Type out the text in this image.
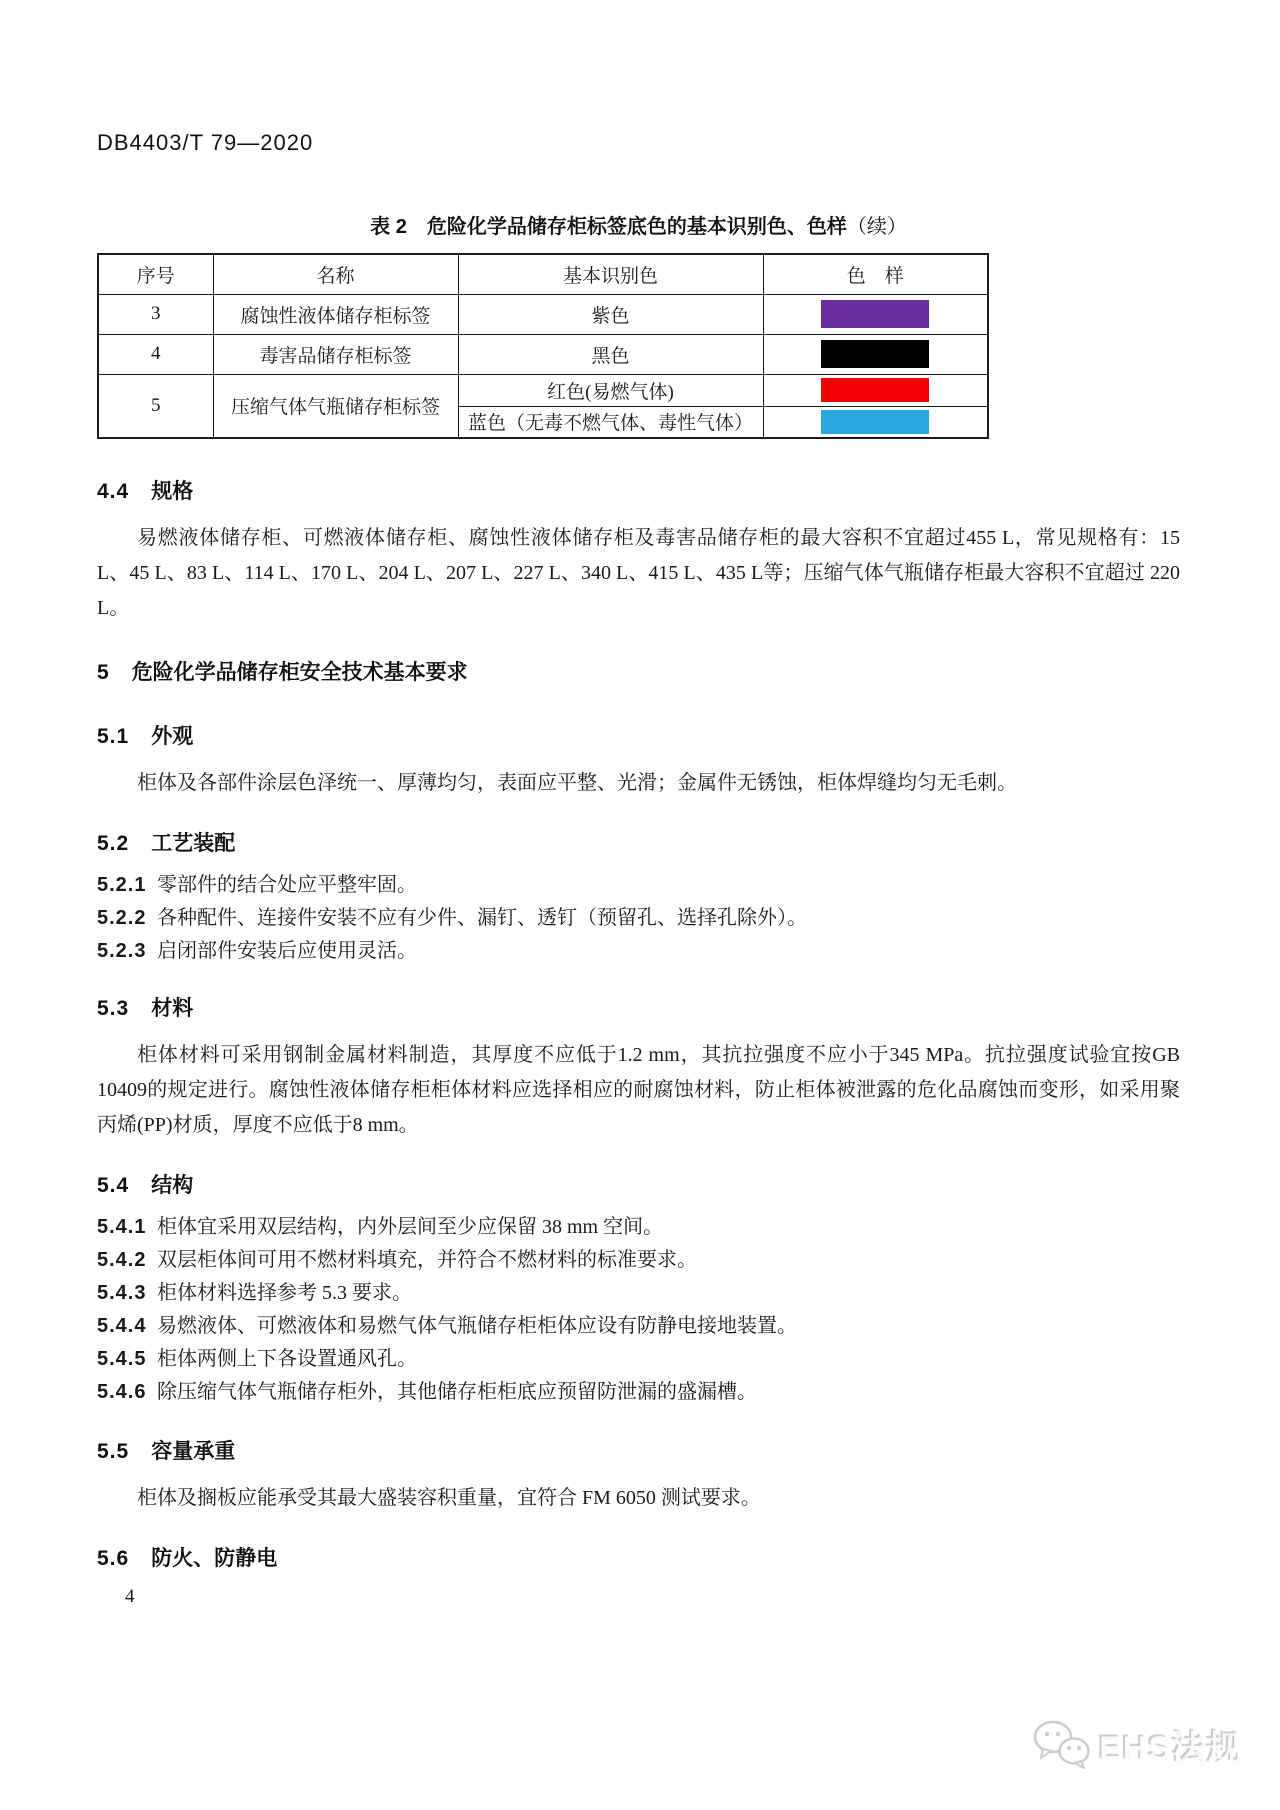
DB4403/T 79—2020
表 2　危险化学品储存柜标签底色的基本识别色、色样（续）
序号	名称	基本识别色	色　样
3	腐蚀性液体储存柜标签	紫色	

4	毒害品储存柜标签	黑色	

5	压缩气体气瓶储存柜标签	红色(易燃气体)	

		蓝色（无毒不燃气体、毒性气体）	
4.4 规格
易燃液体储存柜、可燃液体储存柜、腐蚀性液体储存柜及毒害品储存柜的最大容积不宜超过455 L，常见规格有：15 L、45 L、83 L、114 L、170 L、204 L、207 L、227 L、340 L、415 L、435 L等；压缩气体气瓶储存柜最大容积不宜超过 220 L。
5 危险化学品储存柜安全技术基本要求
5.1 外观
柜体及各部件涂层色泽统一、厚薄均匀，表面应平整、光滑；金属件无锈蚀，柜体焊缝均匀无毛刺。
5.2 工艺装配
5.2.1 零部件的结合处应平整牢固。
5.2.2 各种配件、连接件安装不应有少件、漏钉、透钉（预留孔、选择孔除外）。
5.2.3 启闭部件安装后应使用灵活。
5.3 材料
柜体材料可采用钢制金属材料制造，其厚度不应低于1.2 mm，其抗拉强度不应小于345 MPa。抗拉强度试验宜按GB 10409的规定进行。腐蚀性液体储存柜柜体材料应选择相应的耐腐蚀材料，防止柜体被泄露的危化品腐蚀而变形，如采用聚丙烯(PP)材质，厚度不应低于8 mm。
5.4 结构
5.4.1 柜体宜采用双层结构，内外层间至少应保留 38 mm 空间。
5.4.2 双层柜体间可用不燃材料填充，并符合不燃材料的标准要求。
5.4.3 柜体材料选择参考 5.3 要求。
5.4.4 易燃液体、可燃液体和易燃气体气瓶储存柜柜体应设有防静电接地装置。
5.4.5 柜体两侧上下各设置通风孔。
5.4.6 除压缩气体气瓶储存柜外，其他储存柜柜底应预留防泄漏的盛漏槽。
5.5 容量承重
柜体及搁板应能承受其最大盛装容积重量，宜符合 FM 6050 测试要求。
5.6 防火、防静电
4
EHS法规
